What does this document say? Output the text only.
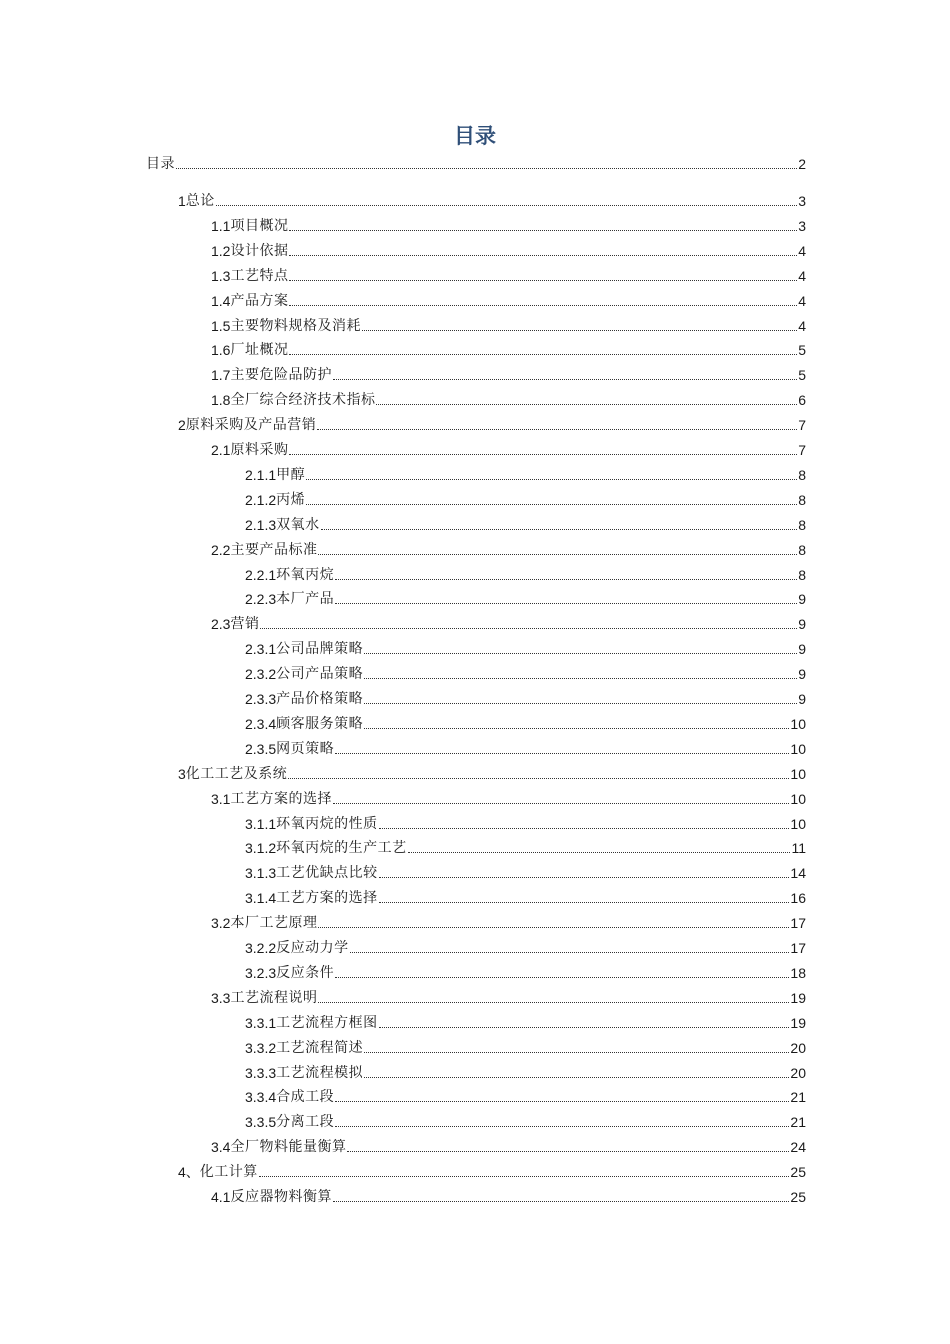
目录
目录	2
1 总论	3
1.1 项目概况	3
1.2 设计依据	4
1.3 工艺特点	4
1.4 产品方案	4
1.5 主要物料规格及消耗	4
1.6 厂址概况	5
1.7 主要危险品防护	5
1.8 全厂综合经济技术指标	6
2 原料采购及产品营销	7
2.1 原料采购	7
2.1.1 甲醇	8
2.1.2 丙烯	8
2.1.3 双氧水	8
2.2 主要产品标准	8
2.2.1 环氧丙烷	8
2.2.3 本厂产品	9
2.3 营销	9
2.3.1 公司品牌策略	9
2.3.2 公司产品策略	9
2.3.3 产品价格策略	9
2.3.4 顾客服务策略	10
2.3.5 网页策略	10
3 化工工艺及系统	10
3.1 工艺方案的选择	10
3.1.1 环氧丙烷的性质	10
3.1.2 环氧丙烷的生产工艺	11
3.1.3 工艺优缺点比较	14
3.1.4 工艺方案的选择	16
3.2 本厂工艺原理	17
3.2.2 反应动力学	17
3.2.3 反应条件	18
3.3 工艺流程说明	19
3.3.1 工艺流程方框图	19
3.3.2 工艺流程简述	20
3.3.3 工艺流程模拟	20
3.3.4 合成工段	21
3.3.5 分离工段	21
3.4 全厂物料能量衡算	24
4、 化工计算	25
4.1 反应器物料衡算	25
